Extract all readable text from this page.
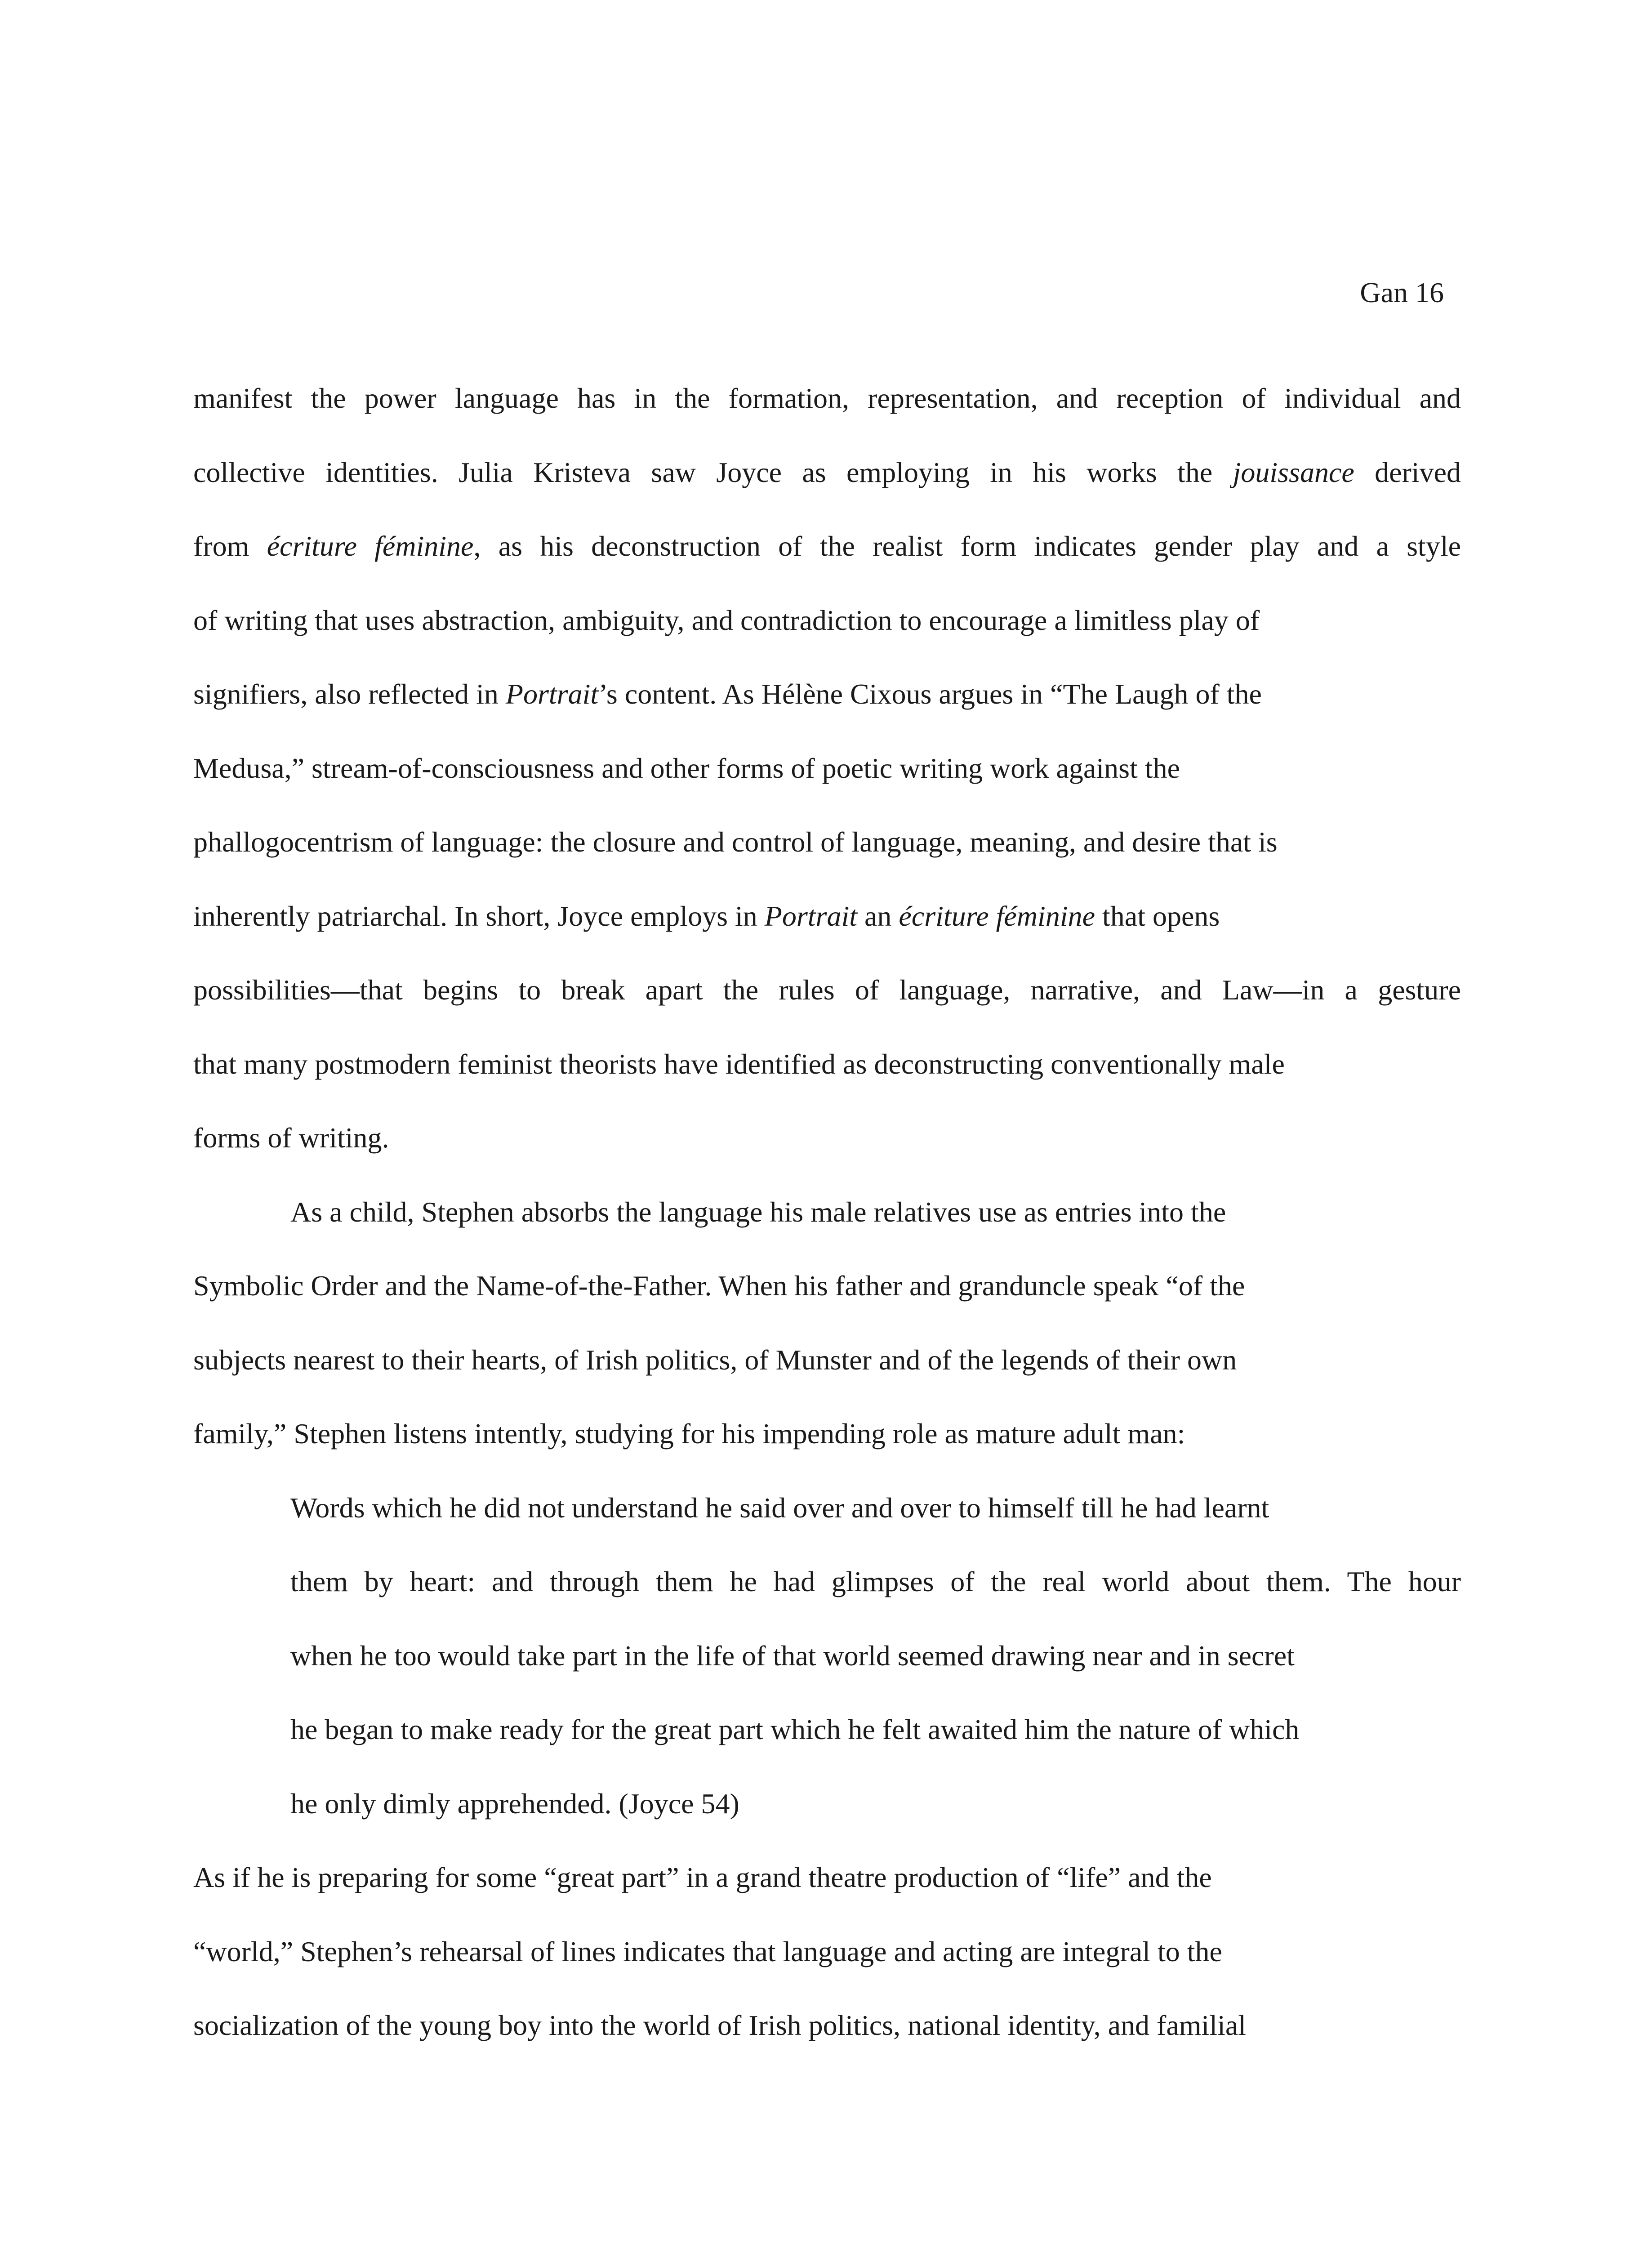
Gan 16
manifest the power language has in the formation, representation, and reception of individual and
collective identities. Julia Kristeva saw Joyce as employing in his works the jouissance derived
from écriture féminine, as his deconstruction of the realist form indicates gender play and a style
of writing that uses abstraction, ambiguity, and contradiction to encourage a limitless play of
signifiers, also reflected in Portrait’s content. As Hélène Cixous argues in “The Laugh of the
Medusa,” stream-of-consciousness and other forms of poetic writing work against the
phallogocentrism of language: the closure and control of language, meaning, and desire that is
inherently patriarchal. In short, Joyce employs in Portrait an écriture féminine that opens
possibilities—that begins to break apart the rules of language, narrative, and Law—in a gesture
that many postmodern feminist theorists have identified as deconstructing conventionally male
forms of writing.
As a child, Stephen absorbs the language his male relatives use as entries into the
Symbolic Order and the Name-of-the-Father. When his father and granduncle speak “of the
subjects nearest to their hearts, of Irish politics, of Munster and of the legends of their own
family,” Stephen listens intently, studying for his impending role as mature adult man:
Words which he did not understand he said over and over to himself till he had learnt
them by heart: and through them he had glimpses of the real world about them. The hour
when he too would take part in the life of that world seemed drawing near and in secret
he began to make ready for the great part which he felt awaited him the nature of which
he only dimly apprehended. (Joyce 54)
As if he is preparing for some “great part” in a grand theatre production of “life” and the
“world,” Stephen’s rehearsal of lines indicates that language and acting are integral to the
socialization of the young boy into the world of Irish politics, national identity, and familial
